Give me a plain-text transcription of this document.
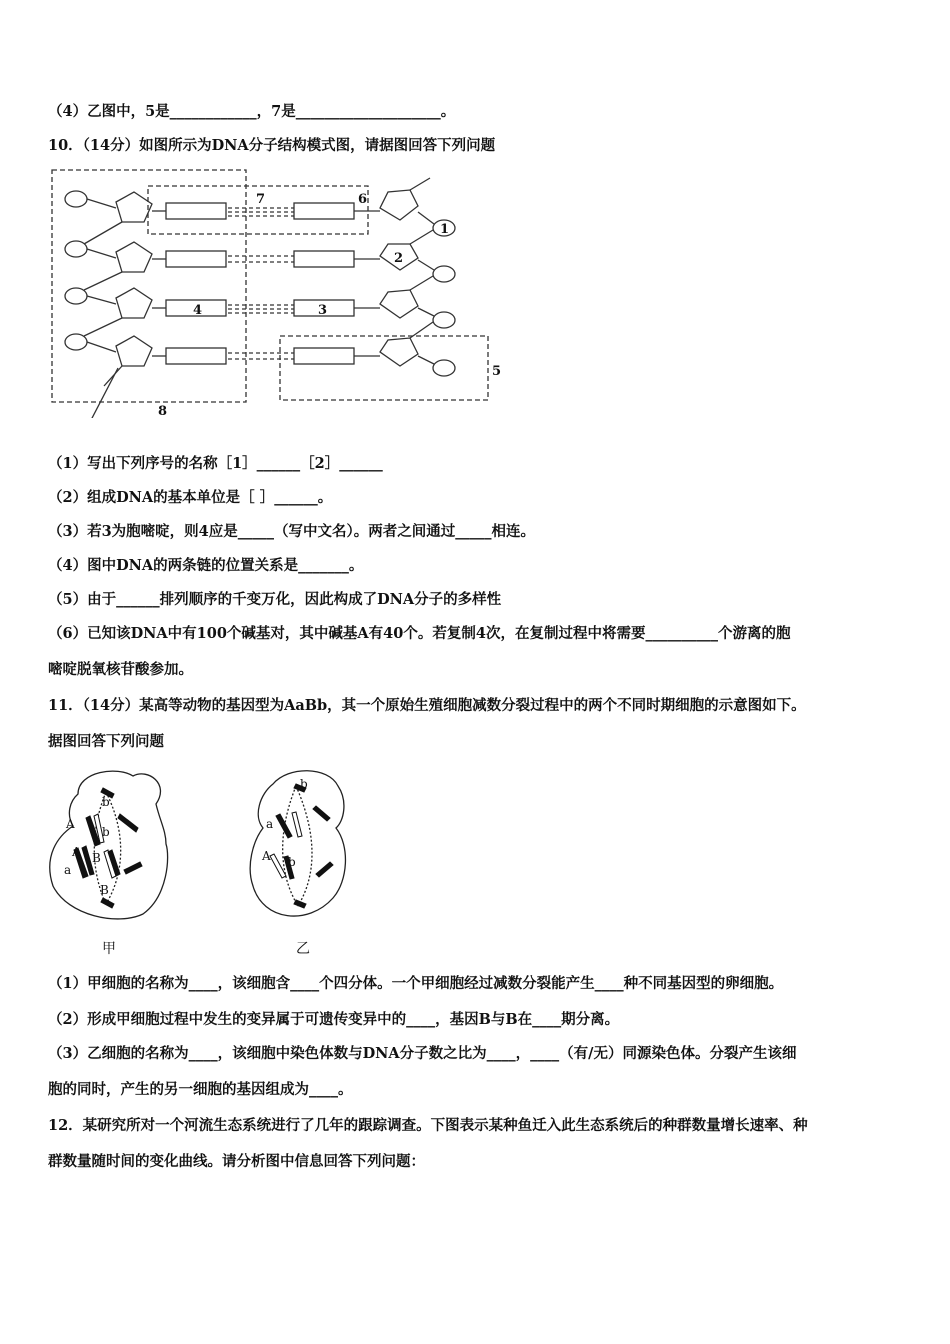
（4）乙图中，5是____________，7是____________________。
10．（14分）如图所示为DNA分子结构模式图，请据图回答下列问题
1
2
3
4
5
6
7
8
（1）写出下列序号的名称［1］______［2］______
（2）组成DNA的基本单位是［ ］______。
（3）若3为胞嘧啶，则4应是_____（写中文名）。两者之间通过_____相连。
（4）图中DNA的两条链的位置关系是_______。
（5）由于______排列顺序的千变万化，因此构成了DNA分子的多样性
（6）已知该DNA中有100个碱基对，其中碱基A有40个。若复制4次，在复制过程中将需要__________个游离的胞
嘧啶脱氧核苷酸参加。
11．（14分）某高等动物的基因型为AaBb，其一个原始生殖细胞减数分裂过程中的两个不同时期细胞的示意图如下。
据图回答下列问题
A
b
b
A B
a
B
a
b
A b
甲	乙
（1）甲细胞的名称为____，该细胞含____个四分体。一个甲细胞经过减数分裂能产生____种不同基因型的卵细胞。
（2）形成甲细胞过程中发生的变异属于可遗传变异中的____，基因B与B在____期分离。
（3）乙细胞的名称为____，该细胞中染色体数与DNA分子数之比为____，____（有/无）同源染色体。分裂产生该细
胞的同时，产生的另一细胞的基因组成为____。
12．某研究所对一个河流生态系统进行了几年的跟踪调查。下图表示某种鱼迁入此生态系统后的种群数量增长速率、种
群数量随时间的变化曲线。请分析图中信息回答下列问题：
